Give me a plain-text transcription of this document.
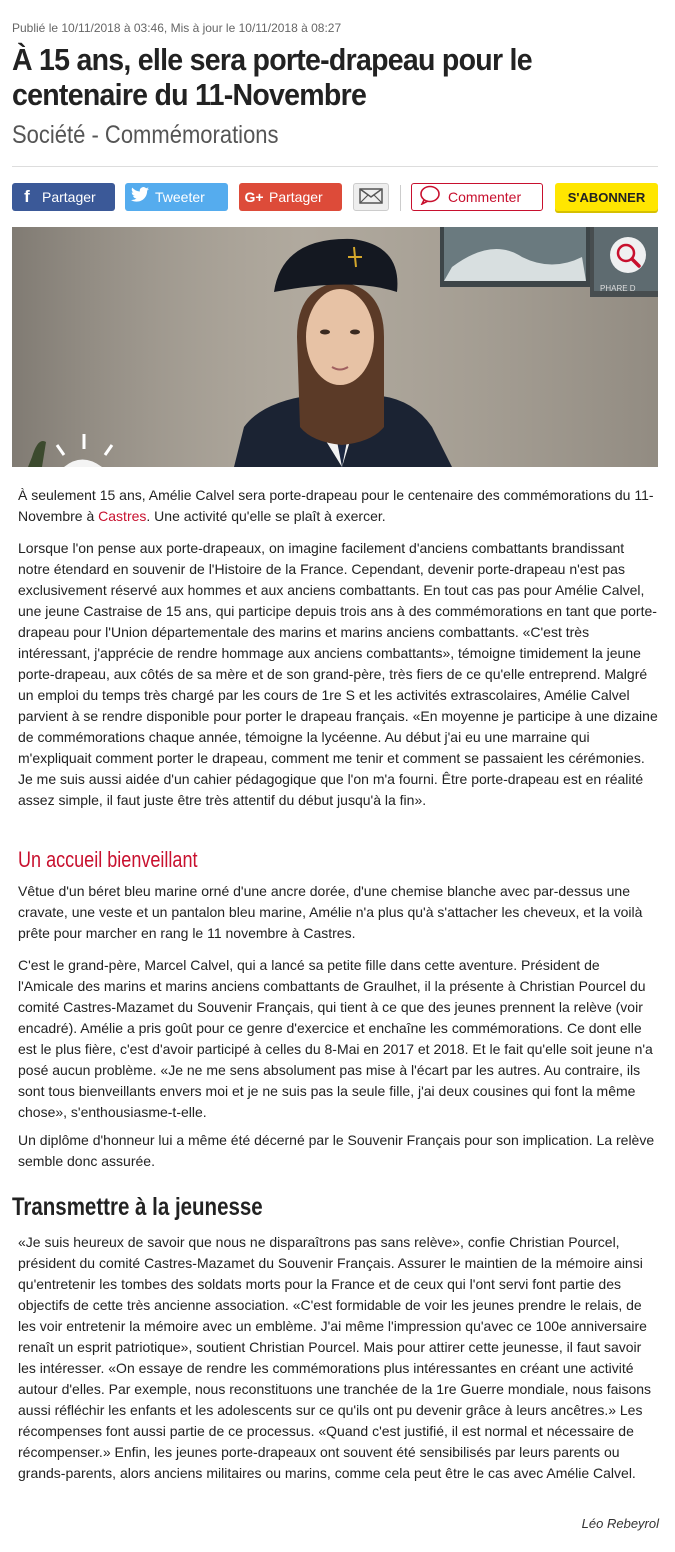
Publié le 10/11/2018 à 03:46, Mis à jour le 10/11/2018 à 08:27
À 15 ans, elle sera porte-drapeau pour le centenaire du 11-Novembre
Société - Commémorations
f Partager	Tweeter	G+ Partager	Commenter	S'ABONNER
PHARE D

À seulement 15 ans, Amélie Calvel sera porte-drapeau pour le centenaire des commémorations du 11-Novembre à Castres. Une activité qu'elle se plaît à exercer.

Lorsque l'on pense aux porte-drapeaux, on imagine facilement d'anciens combattants brandissant notre étendard en souvenir de l'Histoire de la France. Cependant, devenir porte-drapeau n'est pas exclusivement réservé aux hommes et aux anciens combattants. En tout cas pas pour Amélie Calvel, une jeune Castraise de 15 ans, qui participe depuis trois ans à des commémorations en tant que porte-drapeau pour l'Union départementale des marins et marins anciens combattants. «C'est très intéressant, j'apprécie de rendre hommage aux anciens combattants», témoigne timidement la jeune porte-drapeau, aux côtés de sa mère et de son grand-père, très fiers de ce qu'elle entreprend. Malgré un emploi du temps très chargé par les cours de 1re S et les activités extrascolaires, Amélie Calvel parvient à se rendre disponible pour porter le drapeau français. «En moyenne je participe à une dizaine de commémorations chaque année, témoigne la lycéenne. Au début j'ai eu une marraine qui m'expliquait comment porter le drapeau, comment me tenir et comment se passaient les cérémonies. Je me suis aussi aidée d'un cahier pédagogique que l'on m'a fourni. Être porte-drapeau est en réalité assez simple, il faut juste être très attentif du début jusqu'à la fin».

Un accueil bienveillant

Vêtue d'un béret bleu marine orné d'une ancre dorée, d'une chemise blanche avec par-dessus une cravate, une veste et un pantalon bleu marine, Amélie n'a plus qu'à s'attacher les cheveux, et la voilà prête pour marcher en rang le 11 novembre à Castres.

C'est le grand-père, Marcel Calvel, qui a lancé sa petite fille dans cette aventure. Président de l'Amicale des marins et marins anciens combattants de Graulhet, il la présente à Christian Pourcel du comité Castres-Mazamet du Souvenir Français, qui tient à ce que des jeunes prennent la relève (voir encadré). Amélie a pris goût pour ce genre d'exercice et enchaîne les commémorations. Ce dont elle est le plus fière, c'est d'avoir participé à celles du 8-Mai en 2017 et 2018. Et le fait qu'elle soit jeune n'a posé aucun problème. «Je ne me sens absolument pas mise à l'écart par les autres. Au contraire, ils sont tous bienveillants envers moi et je ne suis pas la seule fille, j'ai deux cousines qui font la même chose», s'enthousiasme-t-elle.

Un diplôme d'honneur lui a même été décerné par le Souvenir Français pour son implication. La relève semble donc assurée.

Transmettre à la jeunesse

«Je suis heureux de savoir que nous ne disparaîtrons pas sans relève», confie Christian Pourcel, président du comité Castres-Mazamet du Souvenir Français. Assurer le maintien de la mémoire ainsi qu'entretenir les tombes des soldats morts pour la France et de ceux qui l'ont servi font partie des objectifs de cette très ancienne association. «C'est formidable de voir les jeunes prendre le relais, de les voir entretenir la mémoire avec un emblème. J'ai même l'impression qu'avec ce 100e anniversaire renaît un esprit patriotique», soutient Christian Pourcel. Mais pour attirer cette jeunesse, il faut savoir les intéresser. «On essaye de rendre les commémorations plus intéressantes en créant une activité autour d'elles. Par exemple, nous reconstituons une tranchée de la 1re Guerre mondiale, nous faisons aussi réfléchir les enfants et les adolescents sur ce qu'ils ont pu devenir grâce à leurs ancêtres.» Les récompenses font aussi partie de ce processus. «Quand c'est justifié, il est normal et nécessaire de récompenser.» Enfin, les jeunes porte-drapeaux ont souvent été sensibilisés par leurs parents ou grands-parents, alors anciens militaires ou marins, comme cela peut être le cas avec Amélie Calvel.

Léo Rebeyrol
